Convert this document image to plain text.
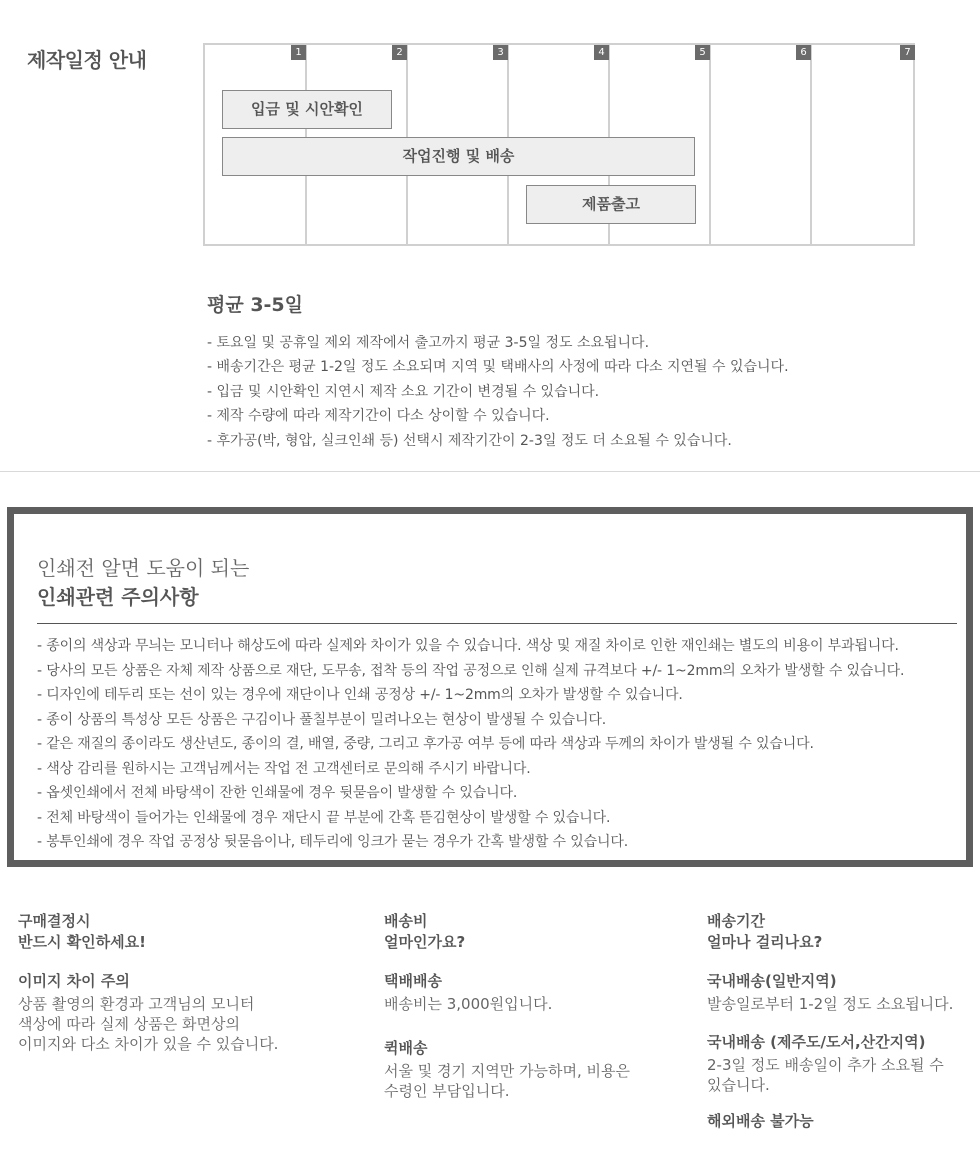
제작일정 안내	1	2	3	4	5	6	7
입금 및 시안확인
작업진행 및 배송
제품출고
평균 3-5일
- 토요일 및 공휴일 제외 제작에서 출고까지 평균 3-5일 정도 소요됩니다.
- 배송기간은 평균 1-2일 정도 소요되며 지역 및 택배사의 사정에 따라 다소 지연될 수 있습니다.
- 입금 및 시안확인 지연시 제작 소요 기간이 변경될 수 있습니다.
- 제작 수량에 따라 제작기간이 다소 상이할 수 있습니다.
- 후가공(박, 형압, 실크인쇄 등) 선택시 제작기간이 2-3일 정도 더 소요될 수 있습니다.
인쇄전 알면 도움이 되는
인쇄관련 주의사항
- 종이의 색상과 무늬는 모니터나 해상도에 따라 실제와 차이가 있을 수 있습니다. 색상 및 재질 차이로 인한 재인쇄는 별도의 비용이 부과됩니다.
- 당사의 모든 상품은 자체 제작 상품으로 재단, 도무송, 접착 등의 작업 공정으로 인해 실제 규격보다 +/- 1~2mm의 오차가 발생할 수 있습니다.
- 디자인에 테두리 또는 선이 있는 경우에 재단이나 인쇄 공정상 +/- 1~2mm의 오차가 발생할 수 있습니다.
- 종이 상품의 특성상 모든 상품은 구김이나 풀칠부분이 밀려나오는 현상이 발생될 수 있습니다.
- 같은 재질의 종이라도 생산년도, 종이의 결, 배열, 중량, 그리고 후가공 여부 등에 따라 색상과 두께의 차이가 발생될 수 있습니다.
- 색상 감리를 원하시는 고객님께서는 작업 전 고객센터로 문의해 주시기 바랍니다.
- 옵셋인쇄에서 전체 바탕색이 잔한 인쇄물에 경우 뒷묻음이 발생할 수 있습니다.
- 전체 바탕색이 들어가는 인쇄물에 경우 재단시 끝 부분에 간혹 뜯김현상이 발생할 수 있습니다.
- 봉투인쇄에 경우 작업 공정상 뒷묻음이나, 테두리에 잉크가 묻는 경우가 간혹 발생할 수 있습니다.
구매결정시
반드시 확인하세요!
이미지 차이 주의
상품 촬영의 환경과 고객님의 모니터
색상에 따라 실제 상품은 화면상의
이미지와 다소 차이가 있을 수 있습니다.
배송비
얼마인가요?
택배배송
배송비는 3,000원입니다.
퀵배송
서울 및 경기 지역만 가능하며, 비용은
수령인 부담입니다.
배송기간
얼마나 걸리나요?
국내배송(일반지역)
발송일로부터 1-2일 정도 소요됩니다.
국내배송 (제주도/도서,산간지역)
2-3일 정도 배송일이 추가 소요될 수
있습니다.
해외배송 불가능
